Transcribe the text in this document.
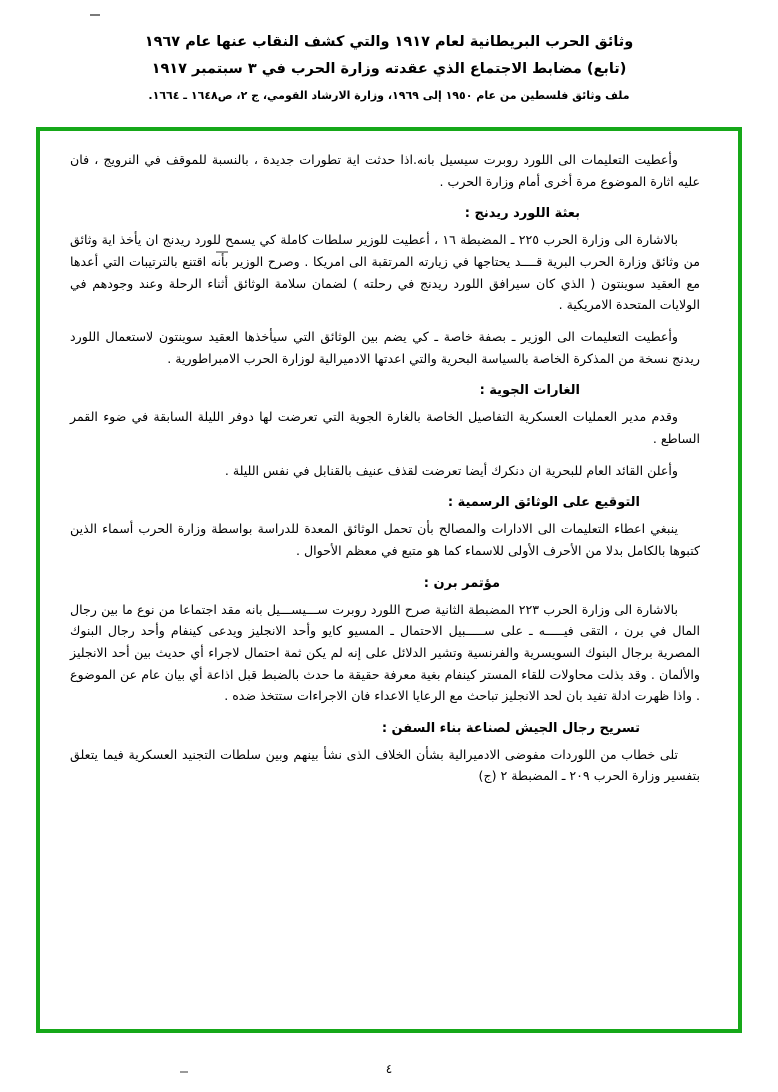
وثائق الحرب البريطانية لعام ١٩١٧ والتي كشف النقاب عنها عام ١٩٦٧
(تابع) مضابط الاجتماع الذي عقدته وزارة الحرب في ٣ سبتمبر ١٩١٧
ملف وثائق فلسطين من عام ١٩٥٠ إلى ١٩٦٩، وزارة الارشاد القومي، ج ٢، ص١٦٤٨ ـ ١٦٦٤.

وأعطيت التعليمات الى اللورد روبرت سيسيل بانه.اذا حدثت اية تطورات جديدة ، بالنسبة للموقف في النرويج ، فان عليه اثارة الموضوع مرة أخرى أمام وزارة الحرب .

بعثة اللورد ريدنج :

بالاشارة الى وزارة الحرب ٢٢٥ ـ المضبطة ١٦ ، أعطيت للوزير سلطات كاملة كي يسمح للورد ريدنج ان يأخذ اية وثائق من وثائق وزارة الحرب البرية قــــد يحتاجها في زيارته المرتقبة الى امريكا . وصرح الوزير بأنه اقتنع بالترتيبات التي أعدها مع العقيد سوينتون ( الذي كان سيرافق اللورد ريدنج في رحلته ) لضمان سلامة الوثائق أثناء الرحلة وعند وجودهم في الولايات المتحدة الامريكية .

وأعطيت التعليمات الى الوزير ـ بصفة خاصة ـ كي يضم بين الوثائق التي سيأخذها العقيد سوينتون لاستعمال اللورد ريدنج نسخة من المذكرة الخاصة بالسياسة البحرية والتي اعدتها الادميرالية لوزارة الحرب الامبراطورية .

الغارات الجوية :

وقدم مدير العمليات العسكرية التفاصيل الخاصة بالغارة الجوية التي تعرضت لها دوفر الليلة السابقة في ضوء القمر الساطع .

وأعلن القائد العام للبحرية ان دنكرك أيضا تعرضت لقذف عنيف بالقنابل في نفس الليلة .

التوقيع على الوثائق الرسمية :

ينبغي اعطاء التعليمات الى الادارات والمصالح بأن تحمل الوثائق المعدة للدراسة بواسطة وزارة الحرب أسماء الذين كتبوها بالكامل بدلا من الأحرف الأولى للاسماء كما هو متبع في معظم الأحوال .

مؤتمر برن :

بالاشارة الى وزارة الحرب ٢٢٣ المضبطة الثانية صرح اللورد روبرت ســـيســـيل بانه مقد اجتماعا من نوع ما بين رجال المال في برن ، التقى فيـــــه ـ على ســـــبيل الاحتمال ـ المسيو كايو وأحد الانجليز ويدعى كينفام وأحد رجال البنوك المصرية برجال البنوك السويسرية والفرنسية وتشير الدلائل على إنه لم يكن ثمة احتمال لاجراء أي حديث بين أحد الانجليز والألمان . وقد بذلت محاولات للقاء المستر كينفام بغية معرفة حقيقة ما حدث بالضبط قبل اذاعة أي بيان عام عن الموضوع . واذا ظهرت ادلة تفيد بان لحد الانجليز تباحث مع الرعايا الاعداء فان الاجراءات ستتخذ ضده .

تسريح رجال الجيش لصناعة بناء السفن :

تلى خطاب من اللوردات مفوضى الادميرالية بشأن الخلاف الذى نشأ بينهم وبين سلطات التجنيد العسكرية فيما يتعلق بتفسير وزارة الحرب ٢٠٩ ـ المضبطة ٢ (ج)

٤
